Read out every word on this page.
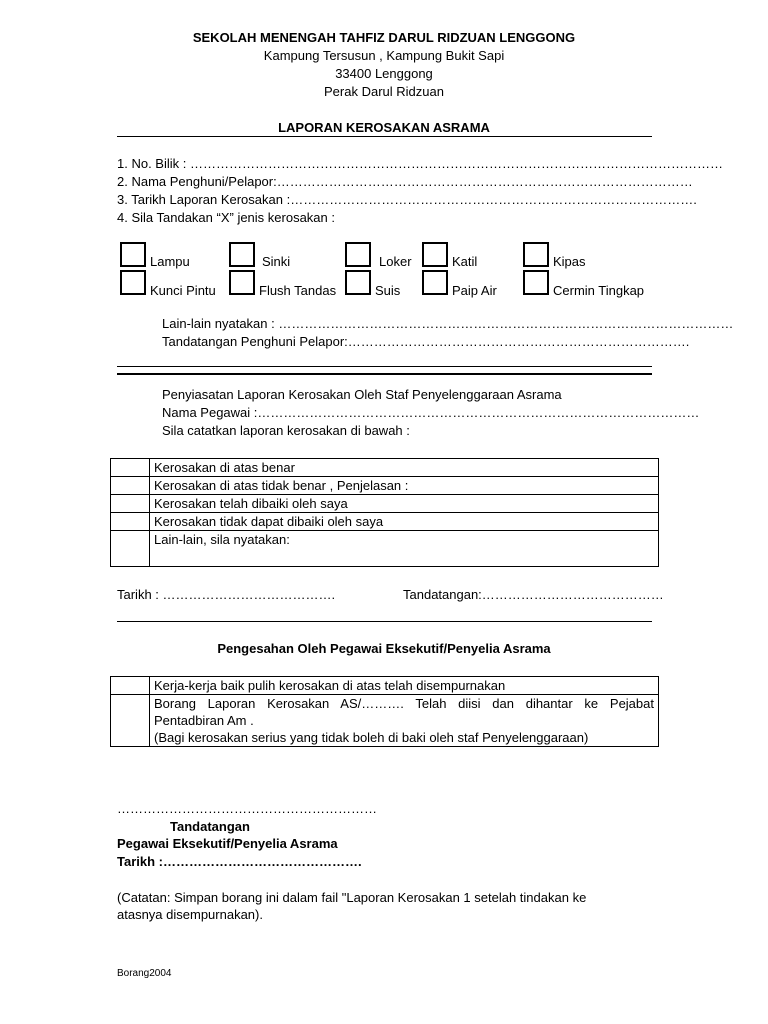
SEKOLAH MENENGAH TAHFIZ DARUL RIDZUAN LENGGONG
Kampung Tersusun , Kampung Bukit Sapi
33400 Lenggong
Perak Darul Ridzuan
LAPORAN KEROSAKAN ASRAMA
1. No. Bilik : ……………………………………………………………………………………………………………
2. Nama Penghuni/Pelapor:……………………………………………………………………………………
3. Tarikh Laporan Kerosakan :………………………………………………………………………………….
4. Sila Tandakan “X” jenis kerosakan :
Lampu	Sinki	Loker	Katil	Kipas
Kunci Pintu	Flush Tandas	Suis	Paip Air	Cermin Tingkap
Lain-lain nyatakan : ……………………………………………………………………………………………
Tandatangan Penghuni Pelapor:…………………………………………………………………….
Penyiasatan Laporan Kerosakan Oleh Staf Penyelenggaraan Asrama
Nama Pegawai :…………………………………………………………………………………………
Sila catatkan laporan kerosakan di bawah :
	Kerosakan di atas benar
	Kerosakan di atas tidak benar , Penjelasan :
	Kerosakan telah dibaiki oleh saya
	Kerosakan tidak dapat dibaiki oleh saya
	Lain-lain, sila nyatakan:
Tarikh : ………………………………….	Tandatangan:……………………………………
Pengesahan Oleh Pegawai Eksekutif/Penyelia Asrama
	Kerja-kerja baik pulih kerosakan di atas telah disempurnakan

	Borang Laporan Kerosakan AS/………. Telah diisi dan dihantar ke Pejabat Pentadbiran Am .
(Bagi kerosakan serius yang tidak boleh di baki oleh staf Penyelenggaraan)
……………………………………………………
Tandatangan
Pegawai Eksekutif/Penyelia Asrama
Tarikh :……………………………………….
(Catatan: Simpan borang ini dalam fail "Laporan Kerosakan 1 setelah tindakan ke
atasnya disempurnakan).
Borang2004
